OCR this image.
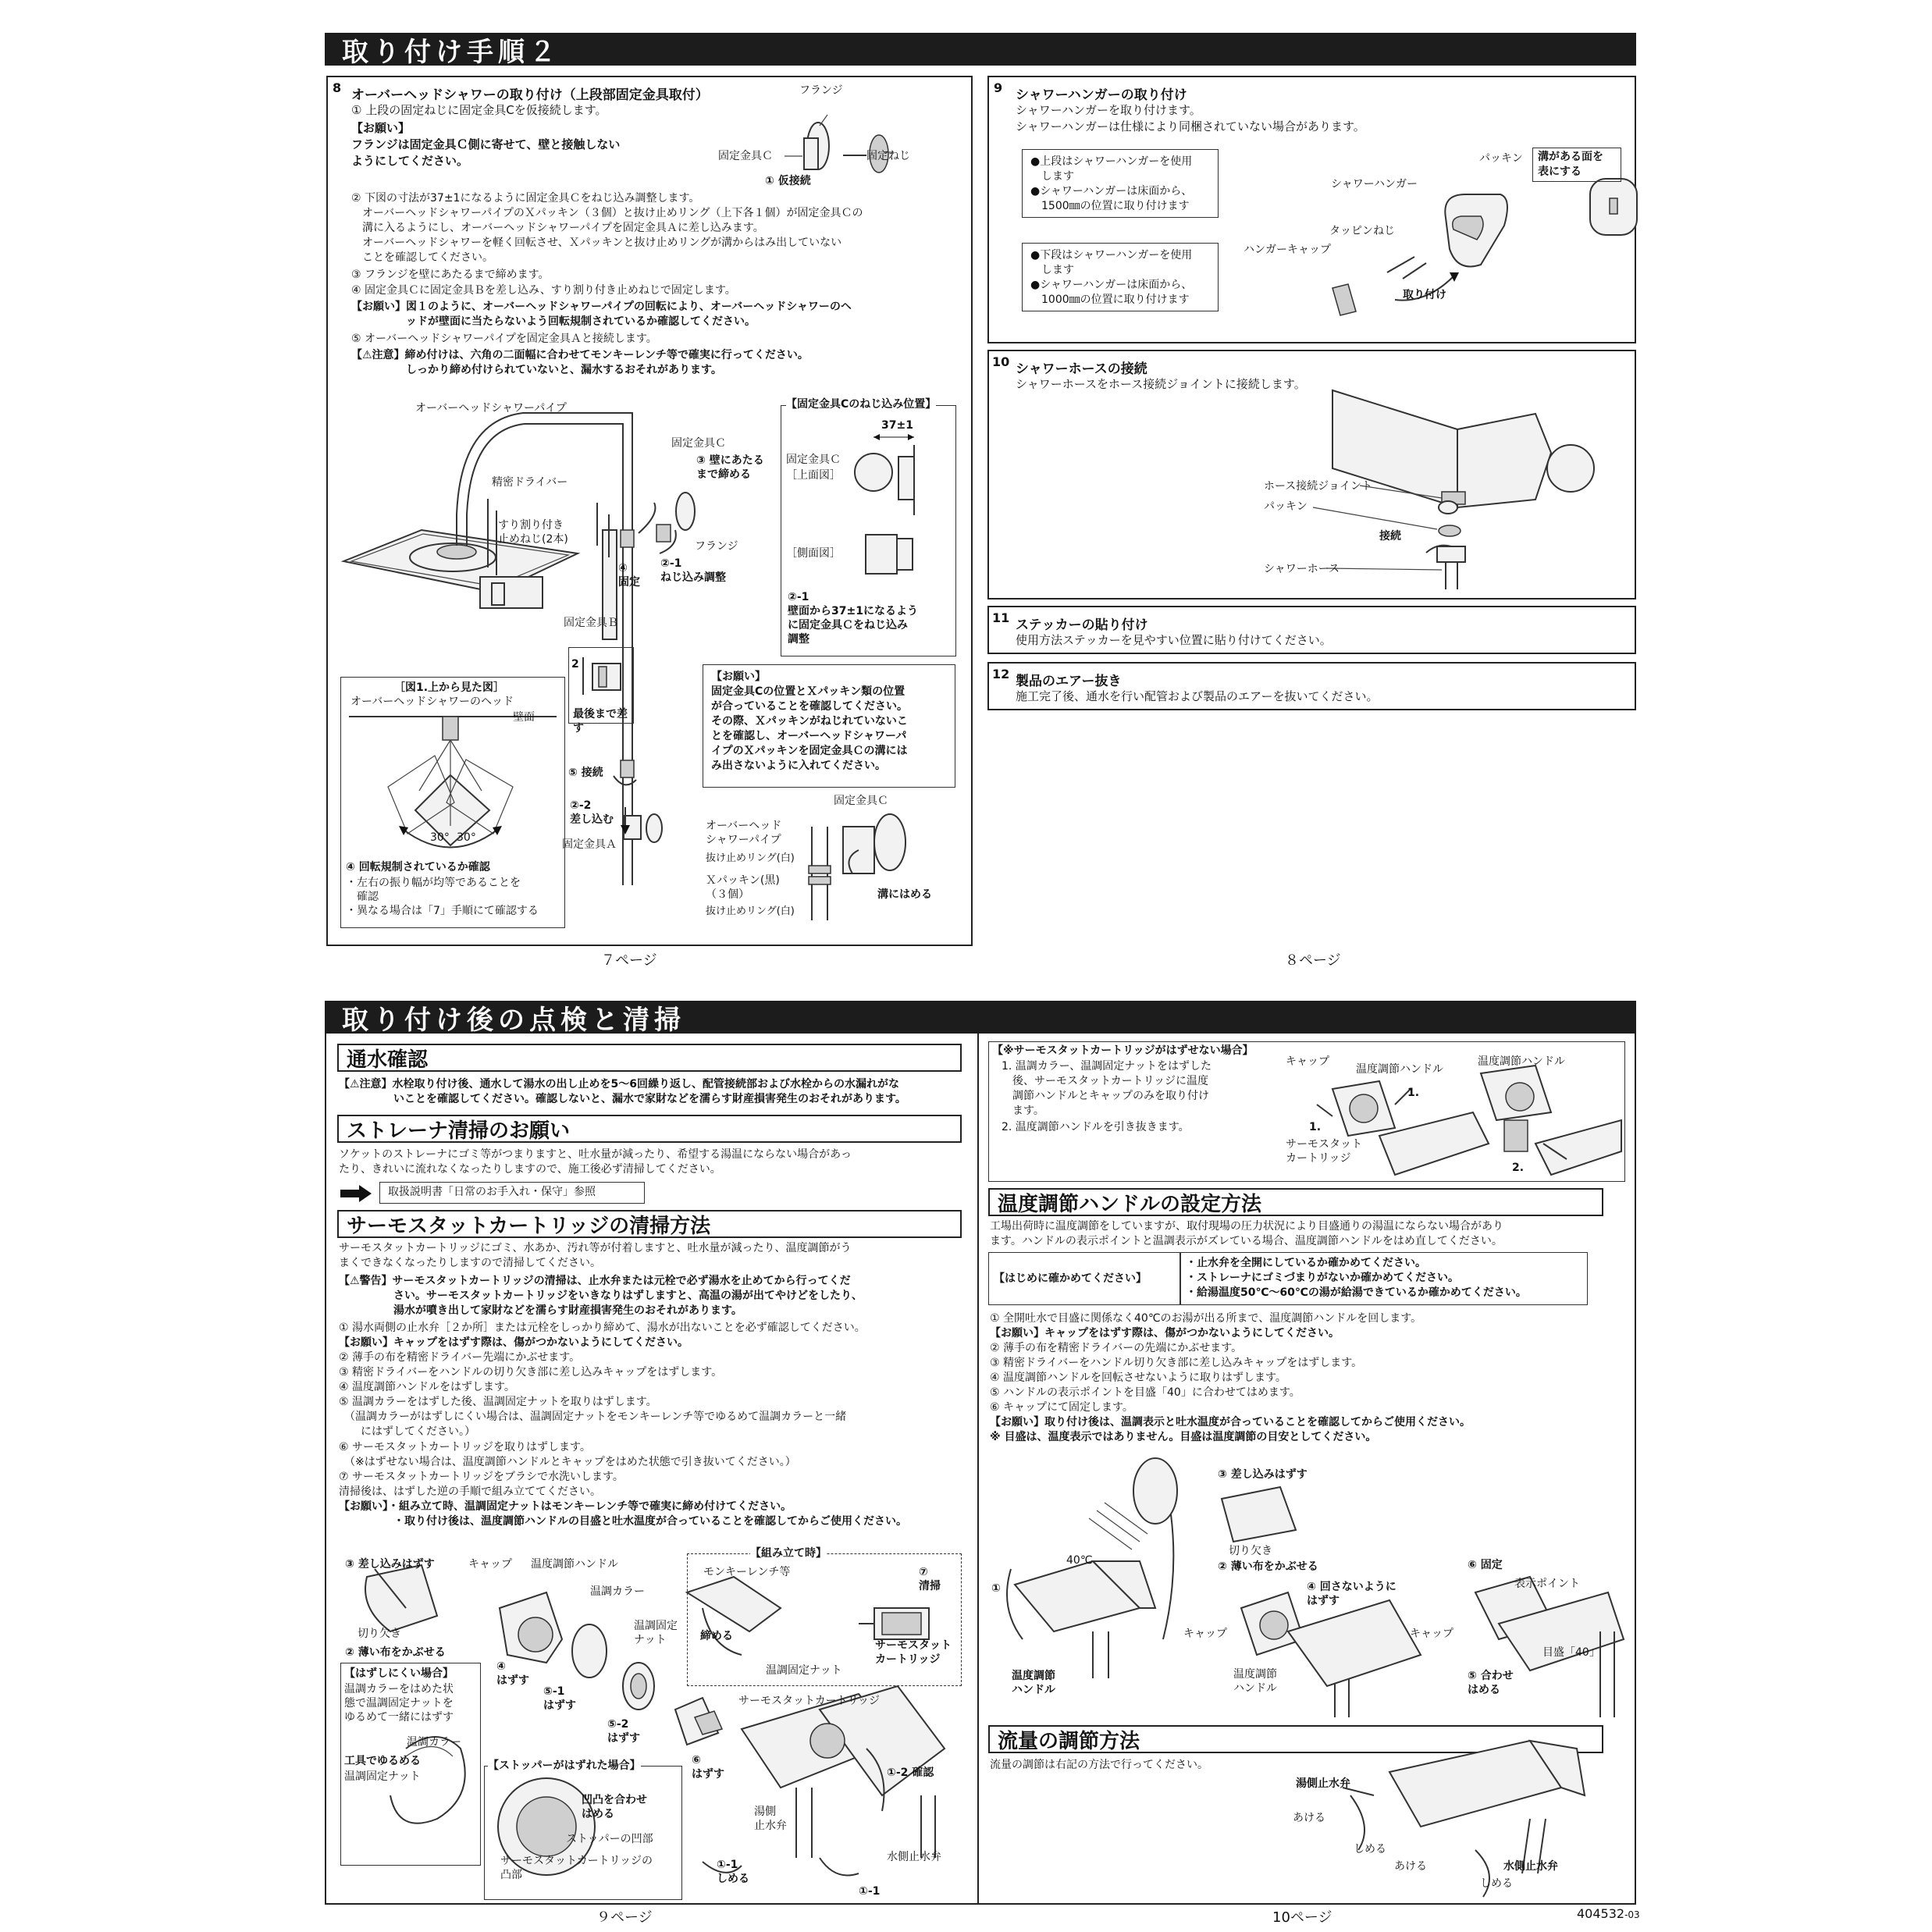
取り付け手順２
8 オーバーヘッドシャワーの取り付け（上段部固定金具取付）
① 上段の固定ねじに固定金具Cを仮接続します。
【お願い】
フランジは固定金具Ｃ側に寄せて、壁と接触しない
ようにしてください。
② 下図の寸法が37±1になるように固定金具Ｃをねじ込み調整します。
　オーバーヘッドシャワーパイプのＸパッキン（３個）と抜け止めリング（上下各１個）が固定金具Ｃの
　溝に入るようにし、オーバーヘッドシャワーパイプを固定金具Ａに差し込みます。
　オーバーヘッドシャワーを軽く回転させ、Ｘパッキンと抜け止めリングが溝からはみ出していない
　ことを確認してください。
③ フランジを壁にあたるまで締めます。
④ 固定金具Ｃに固定金具Ｂを差し込み、すり割り付き止めねじで固定します。
【お願い】図１のように、オーバーヘッドシャワーパイプの回転により、オーバーヘッドシャワーのヘ
　　　　　ッドが壁面に当たらないよう回転規制されているか確認してください。
⑤ オーバーヘッドシャワーパイプを固定金具Ａと接続します。
【⚠注意】締め付けは、六角の二面幅に合わせてモンキーレンチ等で確実に行ってください。
　　　　　しっかり締め付けられていないと、漏水するおそれがあります。
フランジ
固定金具Ｃ	固定ねじ
① 仮接続
オーバーヘッドシャワーパイプ
精密ドライバー
すり割り付き
止めねじ(2本)
固定金具Ｂ
固定金具Ｃ
③ 壁にあたる
まで締める
フランジ
②-1
ねじ込み調整
④
固定
⑤ 接続
②-2
差し込む
固定金具Ａ
2
最後まで差す
【固定金具Cのねじ込み位置】
37±1
固定金具Ｃ
［上面図］
［側面図］
②-1
壁面から37±1になるよう
に固定金具Ｃをねじ込み
調整
［図1.上から見た図］
オーバーヘッドシャワーのヘッド
壁面
30° 30°
④ 回転規制されているか確認
・左右の振り幅が均等であることを
　確認
・異なる場合は「7」手順にて確認する
【お願い】
固定金具Cの位置とＸパッキン類の位置
が合っていることを確認してください。
その際、Ｘパッキンがねじれていないこ
とを確認し、オーバーヘッドシャワーパ
イプのＸパッキンを固定金具Ｃの溝には
み出さないように入れてください。
固定金具Ｃ
オーバーヘッド
シャワーパイプ
抜け止めリング(白)
Ｘパッキン(黒)
（３個）
抜け止めリング(白)
溝にはめる
9 シャワーハンガーの取り付け
シャワーハンガーを取り付けます。
シャワーハンガーは仕様により同梱されていない場合があります。
●上段はシャワーハンガーを使用
　します
●シャワーハンガーは床面から、
　1500㎜の位置に取り付けます
●下段はシャワーハンガーを使用
　します
●シャワーハンガーは床面から、
　1000㎜の位置に取り付けます
パッキン	溝がある面を
表にする
シャワーハンガー
タッピンねじ
ハンガーキャップ
取り付け
10 シャワーホースの接続
シャワーホースをホース接続ジョイントに接続します。
ホース接続ジョイント
パッキン
接続
シャワーホース
11 ステッカーの貼り付け
使用方法ステッカーを見やすい位置に貼り付けてください。
12 製品のエアー抜き
施工完了後、通水を行い配管および製品のエアーを抜いてください。
７ページ	８ページ
取り付け後の点検と清掃
通水確認
【⚠注意】水栓取り付け後、通水して湯水の出し止めを5〜6回繰り返し、配管接続部および水栓からの水漏れがな
　　　　　いことを確認してください。確認しないと、漏水で家財などを濡らす財産損害発生のおそれがあります。
ストレーナ清掃のお願い
ソケットのストレーナにゴミ等がつまりますと、吐水量が減ったり、希望する湯温にならない場合があっ
たり、きれいに流れなくなったりしますので、施工後必ず清掃してください。
取扱説明書「日常のお手入れ・保守」参照
サーモスタットカートリッジの清掃方法
サーモスタットカートリッジにゴミ、水あか、汚れ等が付着しますと、吐水量が減ったり、温度調節がう
まくできなくなったりしますので清掃してください。
【⚠警告】サーモスタットカートリッジの清掃は、止水弁または元栓で必ず湯水を止めてから行ってくだ
　　　　　さい。サーモスタットカートリッジをいきなりはずしますと、高温の湯が出てやけどをしたり、
　　　　　湯水が噴き出して家財などを濡らす財産損害発生のおそれがあります。
① 湯水両側の止水弁［２か所］または元栓をしっかり締めて、湯水が出ないことを必ず確認してください。
【お願い】キャップをはずす際は、傷がつかないようにしてください。
② 薄手の布を精密ドライバー先端にかぶせます。
③ 精密ドライバーをハンドルの切り欠き部に差し込みキャップをはずします。
④ 温度調節ハンドルをはずします。
⑤ 温調カラーをはずした後、温調固定ナットを取りはずします。
　（温調カラーがはずしにくい場合は、温調固定ナットをモンキーレンチ等でゆるめて温調カラーと一緒
　　にはずしてください。）
⑥ サーモスタットカートリッジを取りはずします。
　（※はずせない場合は、温度調節ハンドルとキャップをはめた状態で引き抜いてください。）
⑦ サーモスタットカートリッジをブラシで水洗いします。
清掃後は、はずした逆の手順で組み立ててください。
【お願い】・組み立て時、温調固定ナットはモンキーレンチ等で確実に締め付けてください。
　　　　　・取り付け後は、温度調節ハンドルの目盛と吐水温度が合っていることを確認してからご使用ください。
③ 差し込みはずす
切り欠き
② 薄い布をかぶせる
キャップ 温度調節ハンドル
温調カラー
温調固定
ナット
④
はずす
⑤-1
はずす
⑤-2
はずす
⑥
はずす
【はずしにくい場合】
温調カラーをはめた状
態で温調固定ナットを
ゆるめて一緒にはずす
温調カラー
工具でゆるめる
温調固定ナット
【組み立て時】
モンキーレンチ等
締める
温調固定ナット
⑦
清掃
サーモスタット
カートリッジ
サーモスタットカートリッジ
【ストッパーがはずれた場合】
凹凸を合わせ
はめる
ストッパーの凹部
サーモスタットカートリッジの
凸部
湯側
止水弁
①-2 確認
①-1
しめる
水側止水弁
①-1
【※サーモスタットカートリッジがはずせない場合】
1. 温調カラー、温調固定ナットをはずした
　後、サーモスタットカートリッジに温度
　調節ハンドルとキャップのみを取り付け
　ます。
2. 温度調節ハンドルを引き抜きます。
キャップ
温度調節ハンドル
温度調節ハンドル
1.
1.
サーモスタット
カートリッジ
2.
温度調節ハンドルの設定方法
工場出荷時に温度調節をしていますが、取付現場の圧力状況により目盛通りの湯温にならない場合があり
ます。ハンドルの表示ポイントと温調表示がズレている場合、温度調節ハンドルをはめ直してください。
【はじめに確かめてください】
・止水弁を全開にしているか確かめてください。
・ストレーナにゴミづまりがないか確かめてください。
・給湯温度50℃〜60℃の湯が給湯できているか確かめてください。
① 全開吐水で目盛に関係なく40℃のお湯が出る所まで、温度調節ハンドルを回します。
【お願い】キャップをはずす際は、傷がつかないようにしてください。
② 薄手の布を精密ドライバーの先端にかぶせます。
③ 精密ドライバーをハンドル切り欠き部に差し込みキャップをはずします。
④ 温度調節ハンドルを回転させないように取りはずします。
⑤ ハンドルの表示ポイントを目盛「40」に合わせてはめます。
⑥ キャップにて固定します。
【お願い】取り付け後は、温調表示と吐水温度が合っていることを確認してからご使用ください。
※ 目盛は、温度表示ではありません。目盛は温度調節の目安としてください。
40℃
①
温度調節
ハンドル
③ 差し込みはずす
切り欠き
② 薄い布をかぶせる
キャップ
④ 回さないように
はずす
温度調節
ハンドル
⑥ 固定
表示ポイント
キャップ
目盛「40」
⑤ 合わせ
はめる
流量の調節方法
流量の調節は右記の方法で行ってください。
湯側止水弁
あける
しめる
あける	水側止水弁
しめる
９ページ	10ページ	404532-03
